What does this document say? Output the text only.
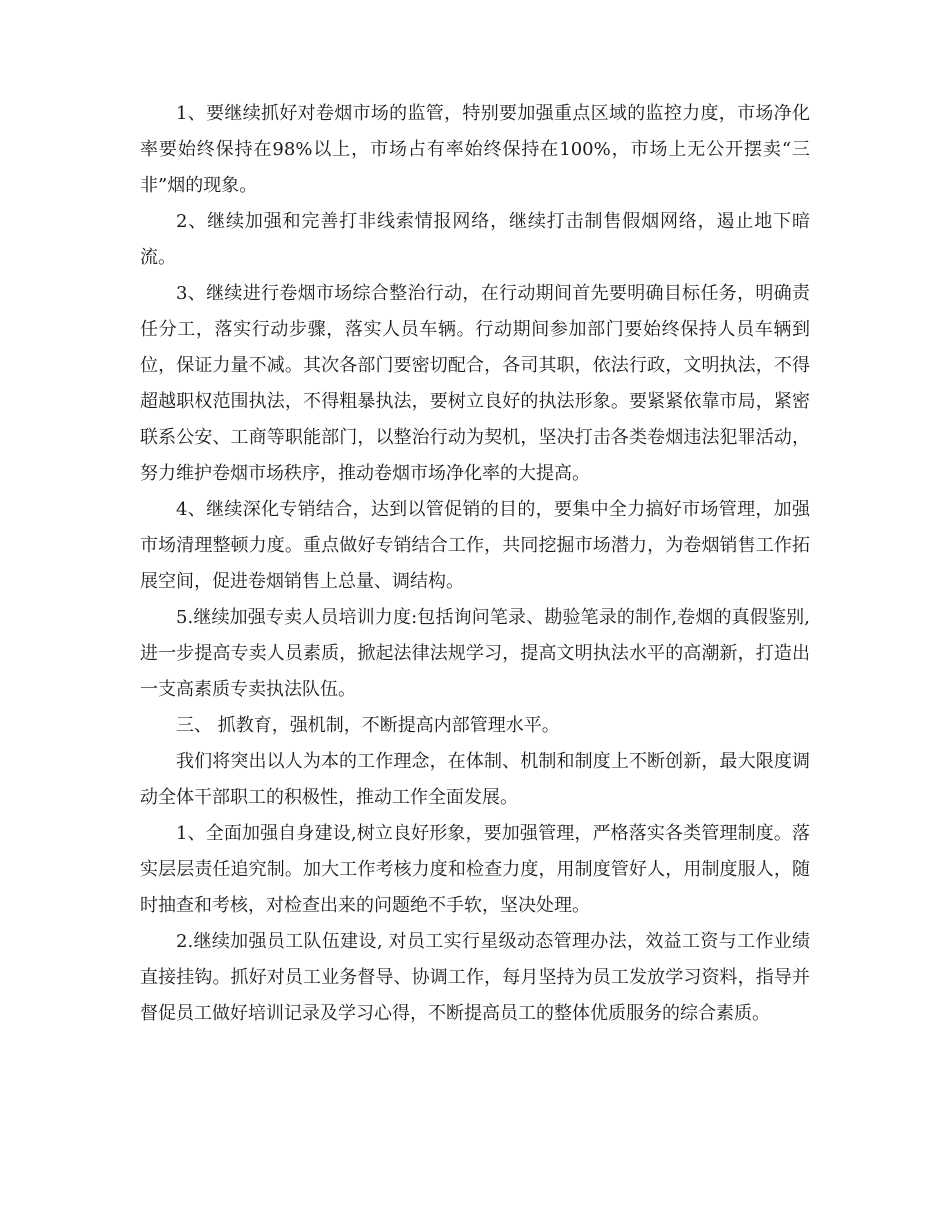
1、要继续抓好对卷烟市场的监管，特别要加强重点区域的监控力度，市场净化率要始终保持在98%以上，市场占有率始终保持在100%，市场上无公开摆卖“三非”烟的现象。

2、继续加强和完善打非线索情报网络，继续打击制售假烟网络，遏止地下暗流。

3、继续进行卷烟市场综合整治行动，在行动期间首先要明确目标任务，明确责任分工，落实行动步骤，落实人员车辆。行动期间参加部门要始终保持人员车辆到位，保证力量不减。其次各部门要密切配合，各司其职，依法行政，文明执法，不得超越职权范围执法，不得粗暴执法，要树立良好的执法形象。要紧紧依靠市局，紧密联系公安、工商等职能部门，以整治行动为契机，坚决打击各类卷烟违法犯罪活动，努力维护卷烟市场秩序，推动卷烟市场净化率的大提高。

4、继续深化专销结合，达到以管促销的目的，要集中全力搞好市场管理，加强市场清理整顿力度。重点做好专销结合工作，共同挖掘市场潜力，为卷烟销售工作拓展空间，促进卷烟销售上总量、调结构。

5.继续加强专卖人员培训力度:包括询问笔录、勘验笔录的制作,卷烟的真假鉴别,进一步提高专卖人员素质，掀起法律法规学习，提高文明执法水平的高潮新，打造出一支高素质专卖执法队伍。

三、 抓教育，强机制，不断提高内部管理水平。

我们将突出以人为本的工作理念，在体制、机制和制度上不断创新，最大限度调动全体干部职工的积极性，推动工作全面发展。

1、全面加强自身建设,树立良好形象，要加强管理，严格落实各类管理制度。落实层层责任追究制。加大工作考核力度和检查力度，用制度管好人，用制度服人，随时抽查和考核，对检查出来的问题绝不手软，坚决处理。

2.继续加强员工队伍建设, 对员工实行星级动态管理办法，效益工资与工作业绩直接挂钩。抓好对员工业务督导、协调工作，每月坚持为员工发放学习资料，指导并督促员工做好培训记录及学习心得，不断提高员工的整体优质服务的综合素质。
